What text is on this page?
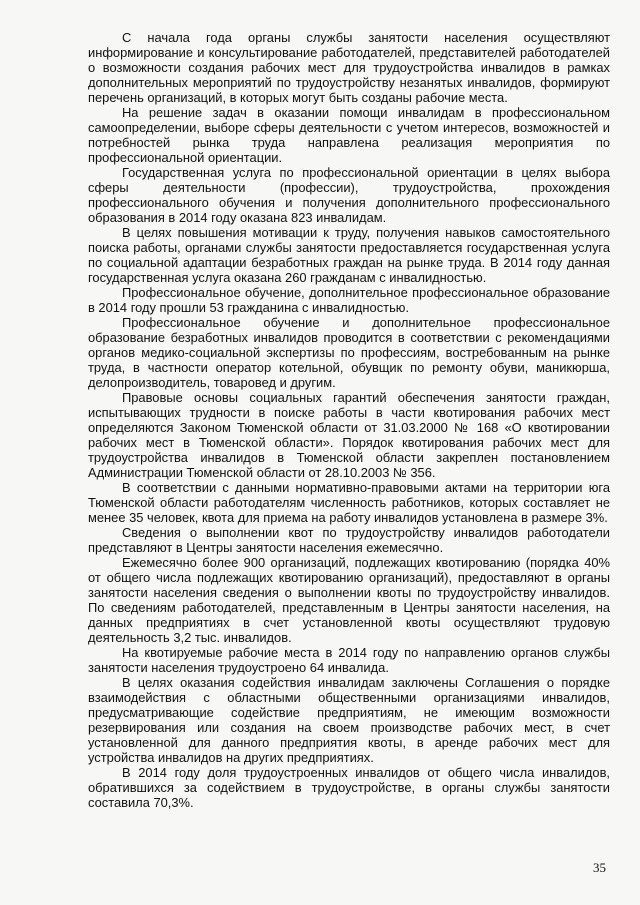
С начала года органы службы занятости населения осуществляют информирование и консультирование работодателей, представителей работодателей о возможности создания рабочих мест для трудоустройства инвалидов в рамках дополнительных мероприятий по трудоустройству незанятых инвалидов, формируют перечень организаций, в которых могут быть созданы рабочие места.

На решение задач в оказании помощи инвалидам в профессиональном самоопределении, выборе сферы деятельности с учетом интересов, возможностей и потребностей рынка труда направлена реализация мероприятия по профессиональной ориентации.

Государственная услуга по профессиональной ориентации в целях выбора сферы деятельности (профессии), трудоустройства, прохождения профессионального обучения и получения дополнительного профессионального образования в 2014 году оказана 823 инвалидам.

В целях повышения мотивации к труду, получения навыков самостоятельного поиска работы, органами службы занятости предоставляется государственная услуга по социальной адаптации безработных граждан на рынке труда. В 2014 году данная государственная услуга оказана 260 гражданам с инвалидностью.

Профессиональное обучение, дополнительное профессиональное образование в 2014 году прошли 53 гражданина с инвалидностью.

Профессиональное обучение и дополнительное профессиональное образование безработных инвалидов проводится в соответствии с рекомендациями органов медико-социальной экспертизы по профессиям, востребованным на рынке труда, в частности оператор котельной, обувщик по ремонту обуви, маникюрша, делопроизводитель, товаровед и другим.

Правовые основы социальных гарантий обеспечения занятости граждан, испытывающих трудности в поиске работы в части квотирования рабочих мест определяются Законом Тюменской области от 31.03.2000 № 168 «О квотировании рабочих мест в Тюменской области». Порядок квотирования рабочих мест для трудоустройства инвалидов в Тюменской области закреплен постановлением Администрации Тюменской области от 28.10.2003 № 356.

В соответствии с данными нормативно-правовыми актами на территории юга Тюменской области работодателям численность работников, которых составляет не менее 35 человек, квота для приема на работу инвалидов установлена в размере 3%.

Сведения о выполнении квот по трудоустройству инвалидов работодатели представляют в Центры занятости населения ежемесячно.

Ежемесячно более 900 организаций, подлежащих квотированию (порядка 40% от общего числа подлежащих квотированию организаций), предоставляют в органы занятости населения сведения о выполнении квоты по трудоустройству инвалидов. По сведениям работодателей, представленным в Центры занятости населения, на данных предприятиях в счет установленной квоты осуществляют трудовую деятельность 3,2 тыс. инвалидов.

На квотируемые рабочие места в 2014 году по направлению органов службы занятости населения трудоустроено 64 инвалида.

В целях оказания содействия инвалидам заключены Соглашения о порядке взаимодействия с областными общественными организациями инвалидов, предусматривающие содействие предприятиям, не имеющим возможности резервирования или создания на своем производстве рабочих мест, в счет установленной для данного предприятия квоты, в аренде рабочих мест для устройства инвалидов на других предприятиях.

В 2014 году доля трудоустроенных инвалидов от общего числа инвалидов, обратившихся за содействием в трудоустройстве, в органы службы занятости составила 70,3%.

35
